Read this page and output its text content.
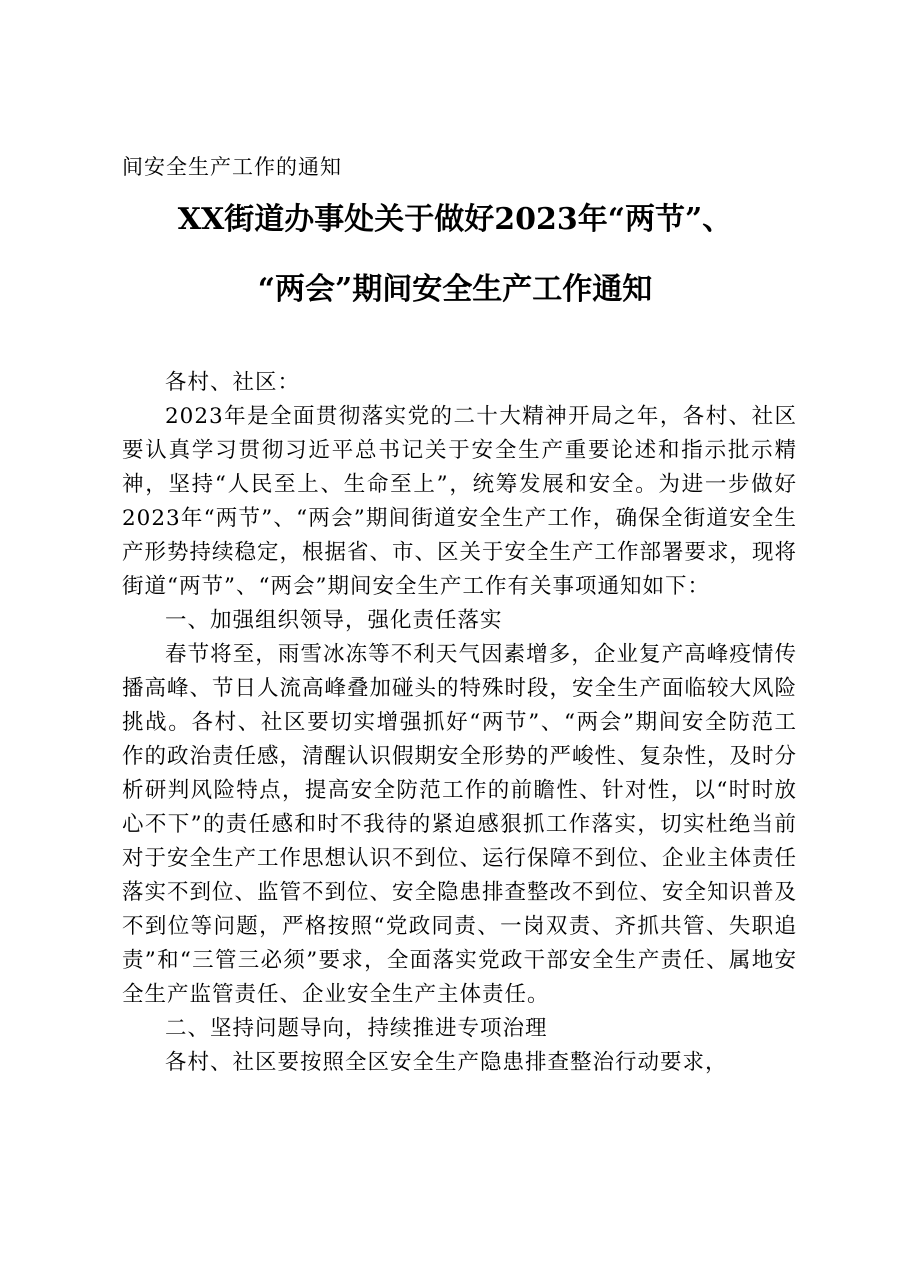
间安全生产工作的通知
XX街道办事处关于做好2023年“两节”、
“两会”期间安全生产工作通知

各村、社区：

2023年是全面贯彻落实党的二十大精神开局之年，各村、社区要认真学习贯彻习近平总书记关于安全生产重要论述和指示批示精神，坚持“人民至上、生命至上”，统筹发展和安全。为进一步做好2023年“两节”、“两会”期间街道安全生产工作，确保全街道安全生产形势持续稳定，根据省、市、区关于安全生产工作部署要求，现将街道“两节”、“两会”期间安全生产工作有关事项通知如下：

一、加强组织领导，强化责任落实

春节将至，雨雪冰冻等不利天气因素增多，企业复产高峰疫情传播高峰、节日人流高峰叠加碰头的特殊时段，安全生产面临较大风险挑战。各村、社区要切实增强抓好“两节”、“两会”期间安全防范工作的政治责任感，清醒认识假期安全形势的严峻性、复杂性，及时分析研判风险特点，提高安全防范工作的前瞻性、针对性，以“时时放心不下”的责任感和时不我待的紧迫感狠抓工作落实，切实杜绝当前对于安全生产工作思想认识不到位、运行保障不到位、企业主体责任落实不到位、监管不到位、安全隐患排查整改不到位、安全知识普及不到位等问题，严格按照“党政同责、一岗双责、齐抓共管、失职追责”和“三管三必须”要求，全面落实党政干部安全生产责任、属地安全生产监管责任、企业安全生产主体责任。

二、坚持问题导向，持续推进专项治理

各村、社区要按照全区安全生产隐患排查整治行动要求，
